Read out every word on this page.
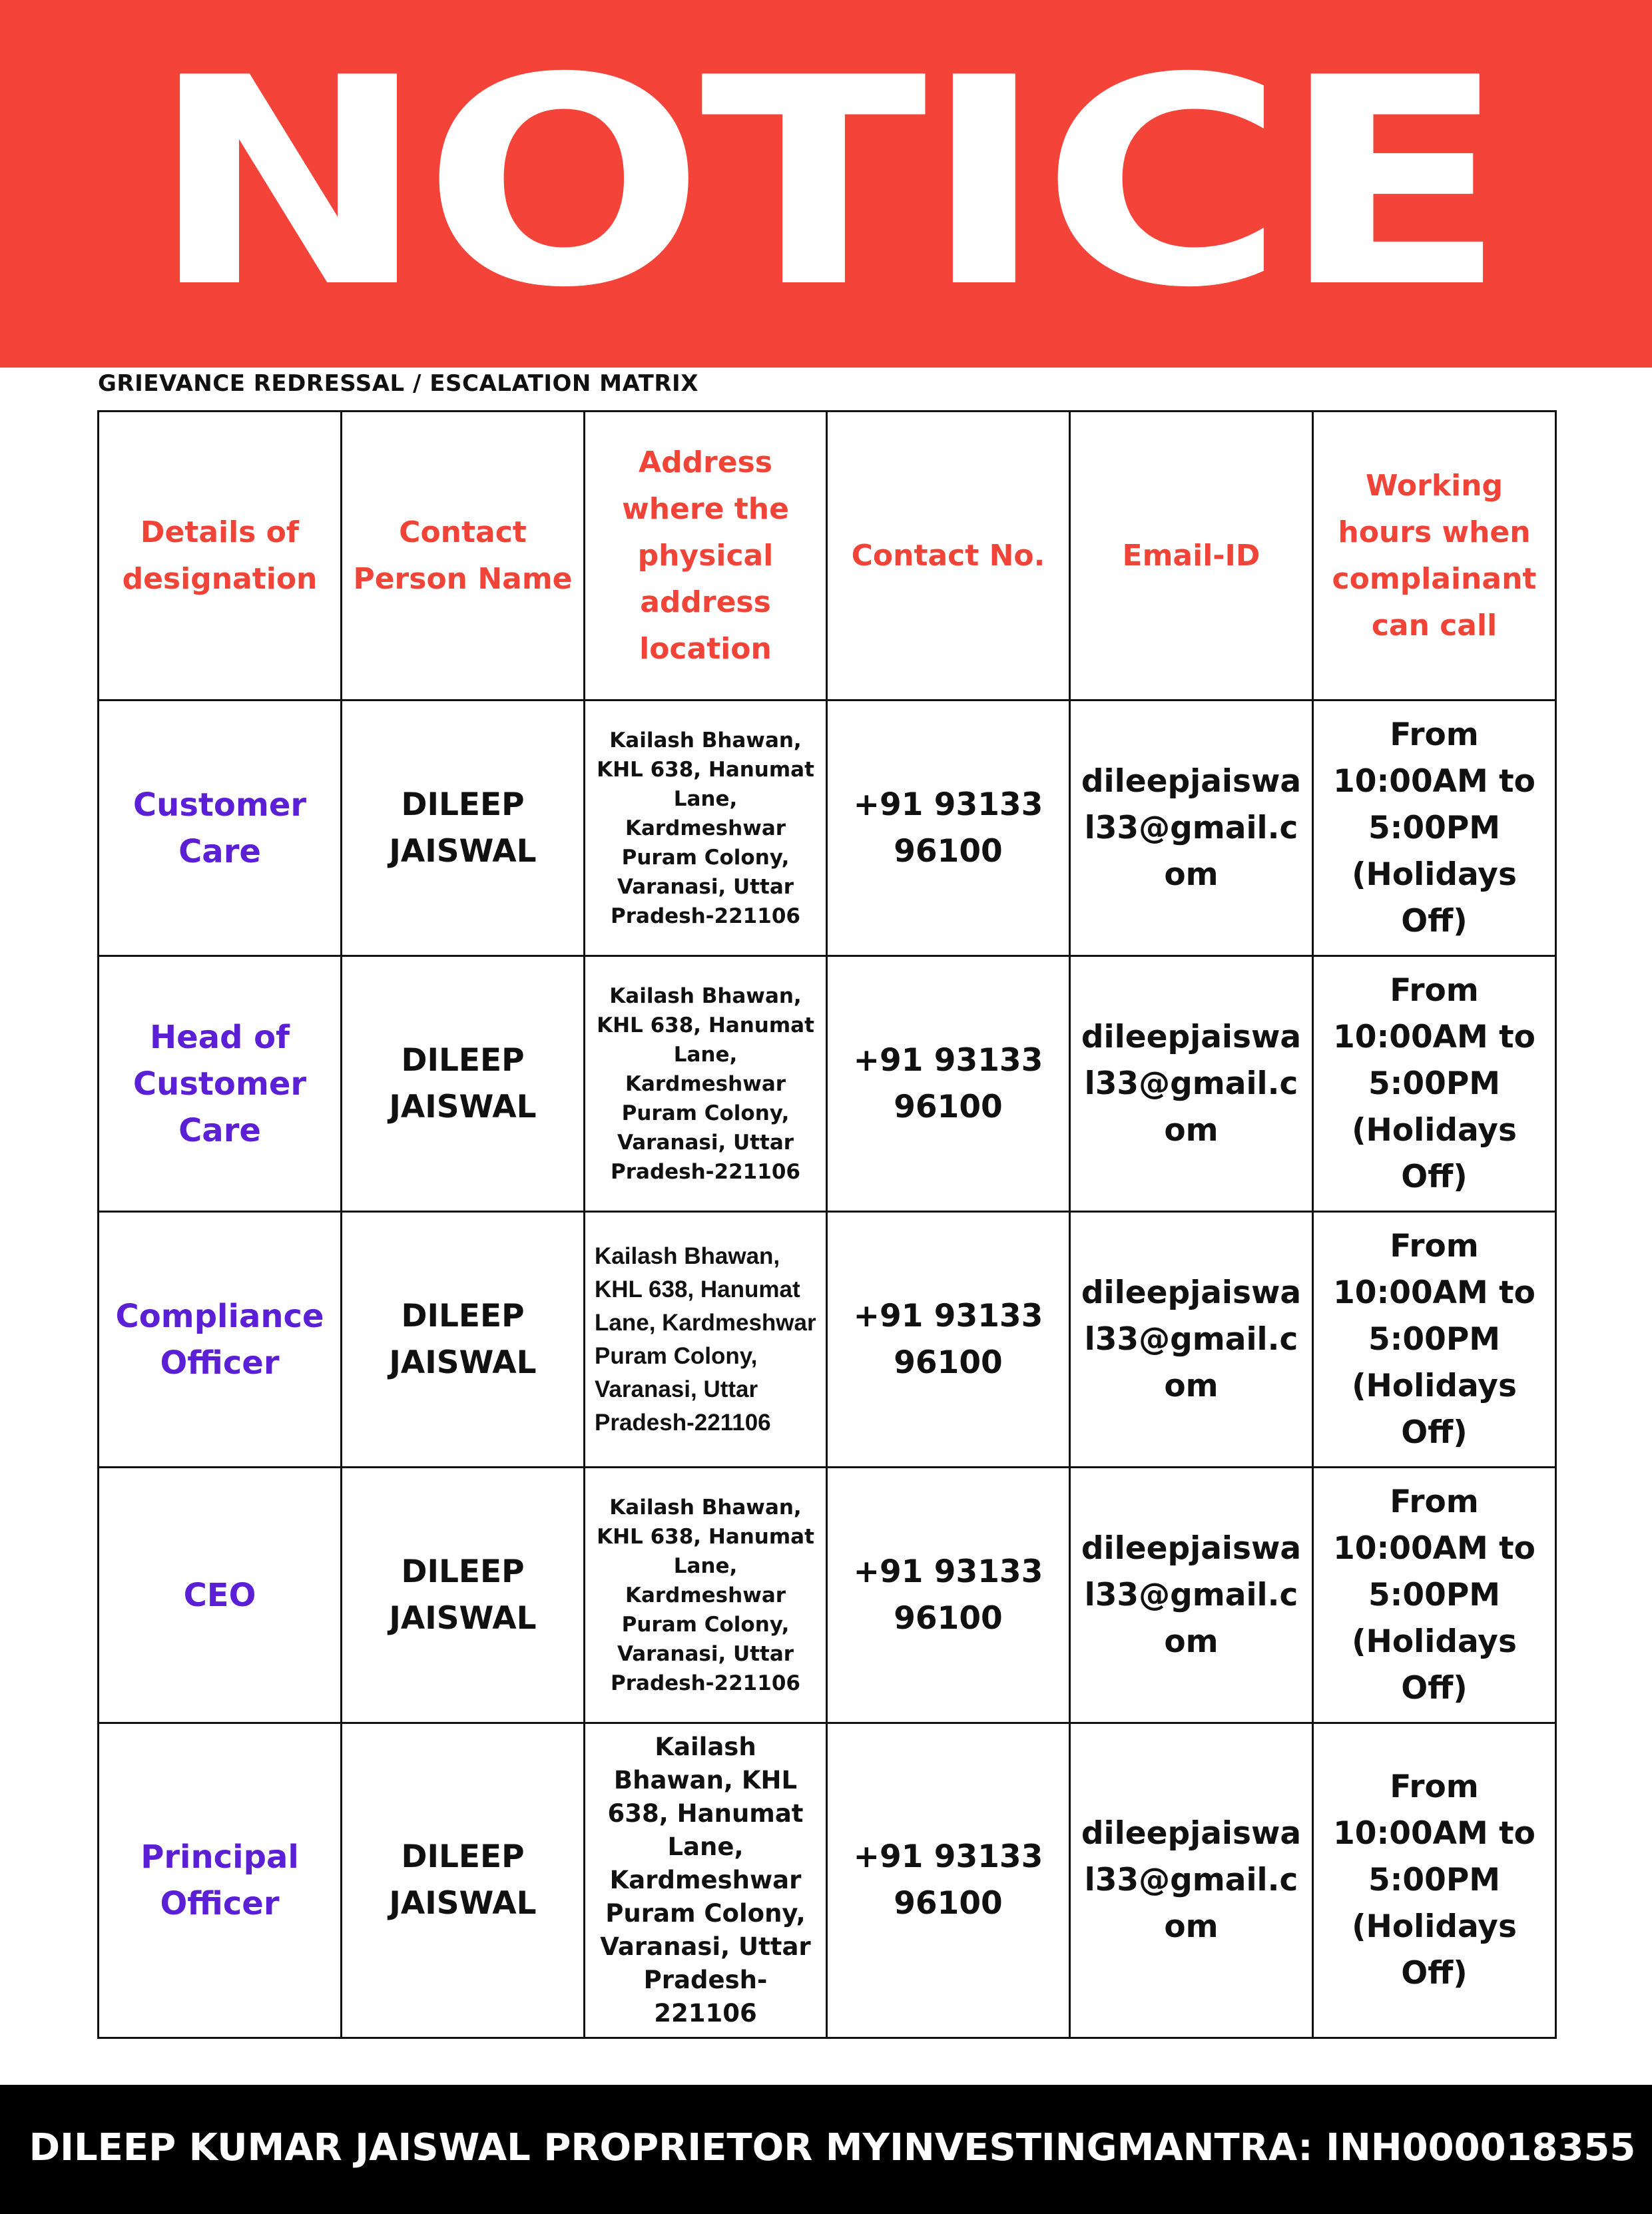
NOTICE
GRIEVANCE REDRESSAL / ESCALATION MATRIX
Details of designation	Contact Person Name	Address where the physical address location	Contact No.	Email-ID	Working hours when complainant can call
Customer Care	DILEEP JAISWAL	Kailash Bhawan, KHL 638, Hanumat Lane, Kardmeshwar Puram Colony, Varanasi, Uttar Pradesh-221106	+91 93133 96100	dileepjaiswal33@gmail.com	From 10:00AM to 5:00PM (Holidays Off)
Head of Customer Care	DILEEP JAISWAL	Kailash Bhawan, KHL 638, Hanumat Lane, Kardmeshwar Puram Colony, Varanasi, Uttar Pradesh-221106	+91 93133 96100	dileepjaiswal33@gmail.com	From 10:00AM to 5:00PM (Holidays Off)
Compliance Officer	DILEEP JAISWAL	Kailash Bhawan, KHL 638, Hanumat Lane, Kardmeshwar Puram Colony, Varanasi, Uttar Pradesh-221106	+91 93133 96100	dileepjaiswal33@gmail.com	From 10:00AM to 5:00PM (Holidays Off)
CEO	DILEEP JAISWAL	Kailash Bhawan, KHL 638, Hanumat Lane, Kardmeshwar Puram Colony, Varanasi, Uttar Pradesh-221106	+91 93133 96100	dileepjaiswal33@gmail.com	From 10:00AM to 5:00PM (Holidays Off)
Principal Officer	DILEEP JAISWAL	Kailash Bhawan, KHL 638, Hanumat Lane, Kardmeshwar Puram Colony, Varanasi, Uttar Pradesh-221106	+91 93133 96100	dileepjaiswal33@gmail.com	From 10:00AM to 5:00PM (Holidays Off)
DILEEP KUMAR JAISWAL PROPRIETOR MYINVESTINGMANTRA: INH000018355
